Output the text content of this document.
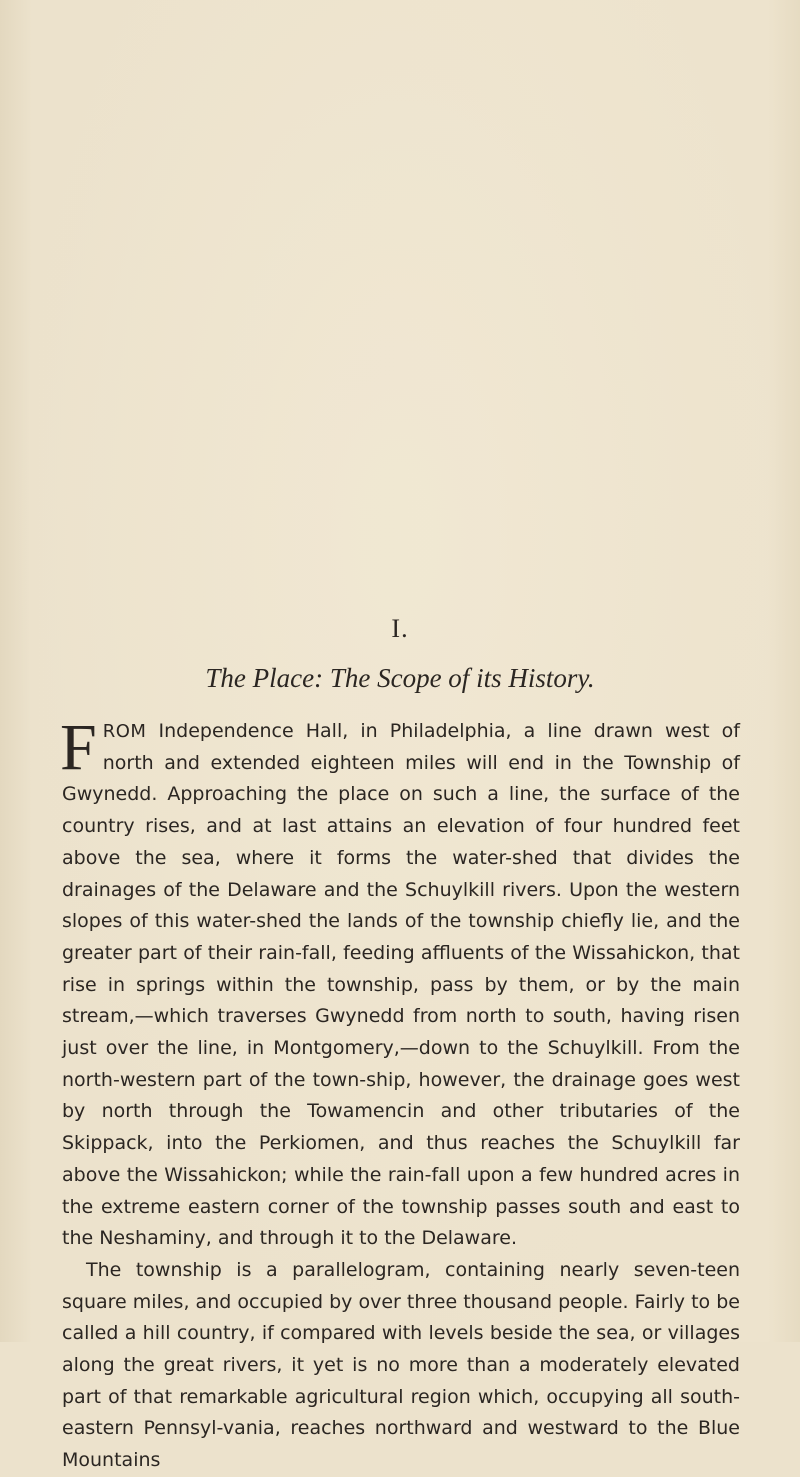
I.
The Place: The Scope of its History.

FROM Independence Hall, in Philadelphia, a line drawn west of north and extended eighteen miles will end in the Township of Gwynedd. Approaching the place on such a line, the surface of the country rises, and at last attains an elevation of four hundred feet above the sea, where it forms the water-shed that divides the drainages of the Delaware and the Schuylkill rivers. Upon the western slopes of this water-shed the lands of the township chiefly lie, and the greater part of their rain-fall, feeding affluents of the Wissahickon, that rise in springs within the township, pass by them, or by the main stream,—which traverses Gwynedd from north to south, having risen just over the line, in Montgomery,—down to the Schuylkill. From the north-western part of the town-ship, however, the drainage goes west by north through the Towamencin and other tributaries of the Skippack, into the Perkiomen, and thus reaches the Schuylkill far above the Wissahickon; while the rain-fall upon a few hundred acres in the extreme eastern corner of the township passes south and east to the Neshaminy, and through it to the Delaware.

The township is a parallelogram, containing nearly seven-teen square miles, and occupied by over three thousand people. Fairly to be called a hill country, if compared with levels beside the sea, or villages along the great rivers, it yet is no more than a moderately elevated part of that remarkable agricultural region which, occupying all south-eastern Pennsyl-vania, reaches northward and westward to the Blue Mountains
